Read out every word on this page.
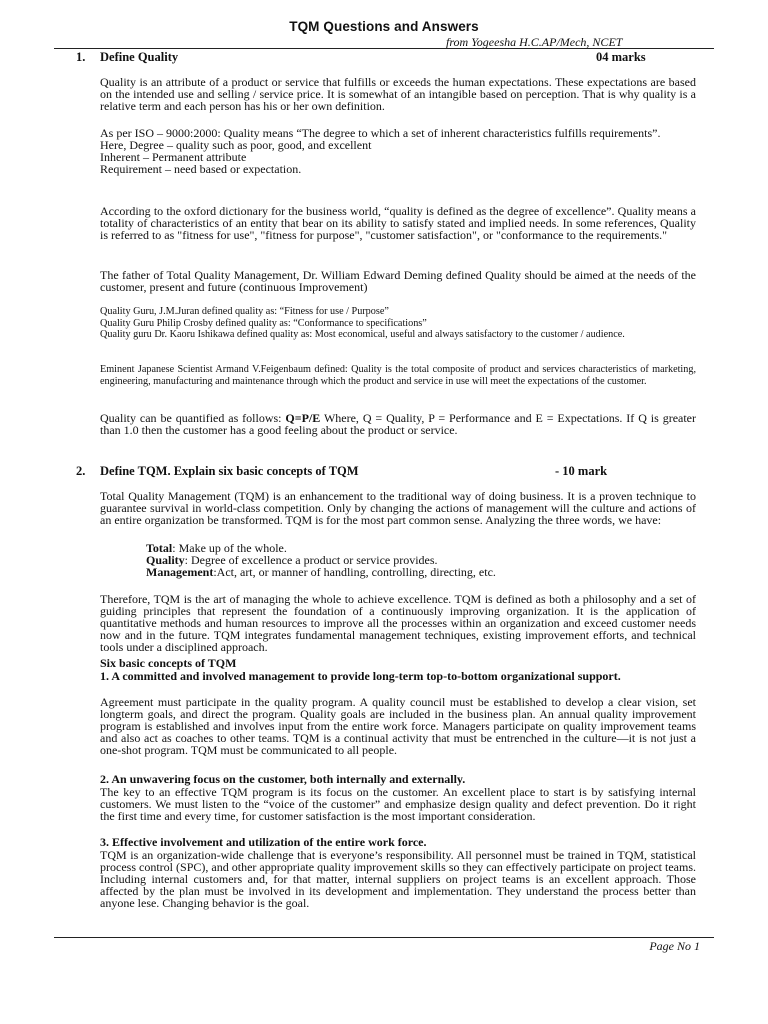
TQM Questions and Answers
from Yogeesha H.C.AP/Mech, NCET
1. Define Quality	04 marks

Quality is an attribute of a product or service that fulfills or exceeds the human expectations. These expectations are based on the intended use and selling / service price. It is somewhat of an intangible based on perception. That is why quality is a relative term and each person has his or her own definition.

As per ISO – 9000:2000: Quality means “The degree to which a set of inherent characteristics fulfills requirements”.
Here, Degree – quality such as poor, good, and excellent
Inherent – Permanent attribute
Requirement – need based or expectation.

According to the oxford dictionary for the business world, “quality is defined as the degree of excellence”. Quality means a totality of characteristics of an entity that bear on its ability to satisfy stated and implied needs. In some references, Quality is referred to as "fitness for use", "fitness for purpose", "customer satisfaction", or "conformance to the requirements."

The father of Total Quality Management, Dr. William Edward Deming defined Quality should be aimed at the needs of the customer, present and future (continuous Improvement)

Quality Guru, J.M.Juran defined quality as: “Fitness for use / Purpose”
Quality Guru Philip Crosby defined quality as: “Conformance to specifications”
Quality guru Dr. Kaoru Ishikawa defined quality as: Most economical, useful and always satisfactory to the customer / audience.

Eminent Japanese Scientist Armand V.Feigenbaum defined: Quality is the total composite of product and services characteristics of marketing, engineering, manufacturing and maintenance through which the product and service in use will meet the expectations of the customer.

Quality can be quantified as follows: Q=P/E Where, Q = Quality, P = Performance and E = Expectations. If Q is greater than 1.0 then the customer has a good feeling about the product or service.

2. Define TQM. Explain six basic concepts of TQM	- 10 mark

Total Quality Management (TQM) is an enhancement to the traditional way of doing business. It is a proven technique to guarantee survival in world-class competition. Only by changing the actions of management will the culture and actions of an entire organization be transformed. TQM is for the most part common sense. Analyzing the three words, we have:

Total: Make up of the whole.
Quality: Degree of excellence a product or service provides.
Management:Act, art, or manner of handling, controlling, directing, etc.

Therefore, TQM is the art of managing the whole to achieve excellence. TQM is defined as both a philosophy and a set of guiding principles that represent the foundation of a continuously improving organization. It is the application of quantitative methods and human resources to improve all the processes within an organization and exceed customer needs now and in the future. TQM integrates fundamental management techniques, existing improvement efforts, and technical tools under a disciplined approach.

Six basic concepts of TQM
1. A committed and involved management to provide long-term top-to-bottom organizational support.

Agreement must participate in the quality program. A quality council must be established to develop a clear vision, set longterm goals, and direct the program. Quality goals are included in the business plan. An annual quality improvement program is established and involves input from the entire work force. Managers participate on quality improvement teams and also act as coaches to other teams. TQM is a continual activity that must be entrenched in the culture—it is not just a one-shot program. TQM must be communicated to all people.

2. An unwavering focus on the customer, both internally and externally.

The key to an effective TQM program is its focus on the customer. An excellent place to start is by satisfying internal customers. We must listen to the “voice of the customer” and emphasize design quality and defect prevention. Do it right the first time and every time, for customer satisfaction is the most important consideration.

3. Effective involvement and utilization of the entire work force.

TQM is an organization-wide challenge that is everyone’s responsibility. All personnel must be trained in TQM, statistical process control (SPC), and other appropriate quality improvement skills so they can effectively participate on project teams. Including internal customers and, for that matter, internal suppliers on project teams is an excellent approach. Those affected by the plan must be involved in its development and implementation. They understand the process better than anyone lese. Changing behavior is the goal.

Page No 1
